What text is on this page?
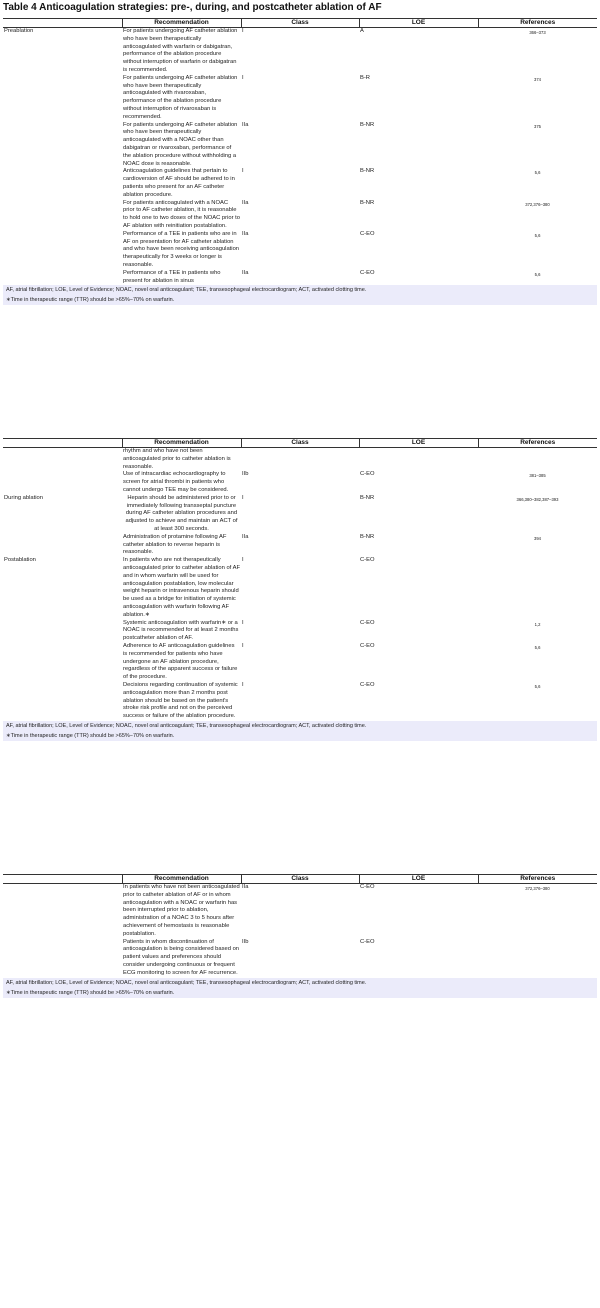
Table 4 Anticoagulation strategies: pre-, during, and postcatheter ablation of AF
	Recommendation	Class	LOE	References
Preablation	For patients undergoing AF catheter ablation who have been therapeutically anticoagulated with warfarin or dabigatran, performance of the ablation procedure without interruption of warfarin or dabigatran is recommended.	I	A	366–373
	For patients undergoing AF catheter ablation who have been therapeutically anticoagulated with rivaroxaban, performance of the ablation procedure without interruption of rivaroxaban is recommended.	I	B-R	374
	For patients undergoing AF catheter ablation who have been therapeutically anticoagulated with a NOAC other than dabigatran or rivaroxaban, performance of the ablation procedure without withholding a NOAC dose is reasonable.	IIa	B-NR	375
	Anticoagulation guidelines that pertain to cardioversion of AF should be adhered to in patients who present for an AF catheter ablation procedure.	I	B-NR	5,6
	For patients anticoagulated with a NOAC prior to AF catheter ablation, it is reasonable to hold one to two doses of the NOAC prior to AF ablation with reinitiation postablation.	IIa	B-NR	372,376–380
	Performance of a TEE in patients who are in AF on presentation for AF catheter ablation and who have been receiving anticoagulation therapeutically for 3 weeks or longer is reasonable.	IIa	C-EO	5,6
	Performance of a TEE in patients who present for ablation in sinus	IIa	C-EO	5,6
AF, atrial fibrillation; LOE, Level of Evidence; NOAC, novel oral anticoagulant; TEE, transesophageal electrocardiogram; ACT, activated clotting time.
∗Time in therapeutic range (TTR) should be >65%−70% on warfarin.
	Recommendation	Class	LOE	References
	rhythm and who have not been anticoagulated prior to catheter ablation is reasonable.			
	Use of intracardiac echocardiography to screen for atrial thrombi in patients who cannot undergo TEE may be considered.	IIb	C-EO	381–385
During ablation	Heparin should be administered prior to or immediately following transseptal puncture during AF catheter ablation procedures and adjusted to achieve and maintain an ACT of at least 300 seconds.	I	B-NR	366,380–382,387–393
	Administration of protamine following AF catheter ablation to reverse heparin is reasonable.	IIa	B-NR	394
Postablation	In patients who are not therapeutically anticoagulated prior to catheter ablation of AF and in whom warfarin will be used for anticoagulation postablation, low molecular weight heparin or intravenous heparin should be used as a bridge for initiation of systemic anticoagulation with warfarin following AF ablation.∗	I	C-EO	
	Systemic anticoagulation with warfarin∗ or a NOAC is recommended for at least 2 months postcatheter ablation of AF.	I	C-EO	1,2
	Adherence to AF anticoagulation guidelines is recommended for patients who have undergone an AF ablation procedure, regardless of the apparent success or failure of the procedure.	I	C-EO	5,6
	Decisions regarding continuation of systemic anticoagulation more than 2 months post ablation should be based on the patient's stroke risk profile and not on the perceived success or failure of the ablation procedure.	I	C-EO	5,6
AF, atrial fibrillation; LOE, Level of Evidence; NOAC, novel oral anticoagulant; TEE, transesophageal electrocardiogram; ACT, activated clotting time.
∗Time in therapeutic range (TTR) should be >65%−70% on warfarin.
	Recommendation	Class	LOE	References
	In patients who have not been anticoagulated prior to catheter ablation of AF or in whom anticoagulation with a NOAC or warfarin has been interrupted prior to ablation, administration of a NOAC 3 to 5 hours after achievement of hemostasis is reasonable postablation.	IIa	C-EO	372,376–380
	Patients in whom discontinuation of anticoagulation is being considered based on patient values and preferences should consider undergoing continuous or frequent ECG monitoring to screen for AF recurrence.	IIb	C-EO	
AF, atrial fibrillation; LOE, Level of Evidence; NOAC, novel oral anticoagulant; TEE, transesophageal electrocardiogram; ACT, activated clotting time.
∗Time in therapeutic range (TTR) should be >65%−70% on warfarin.
